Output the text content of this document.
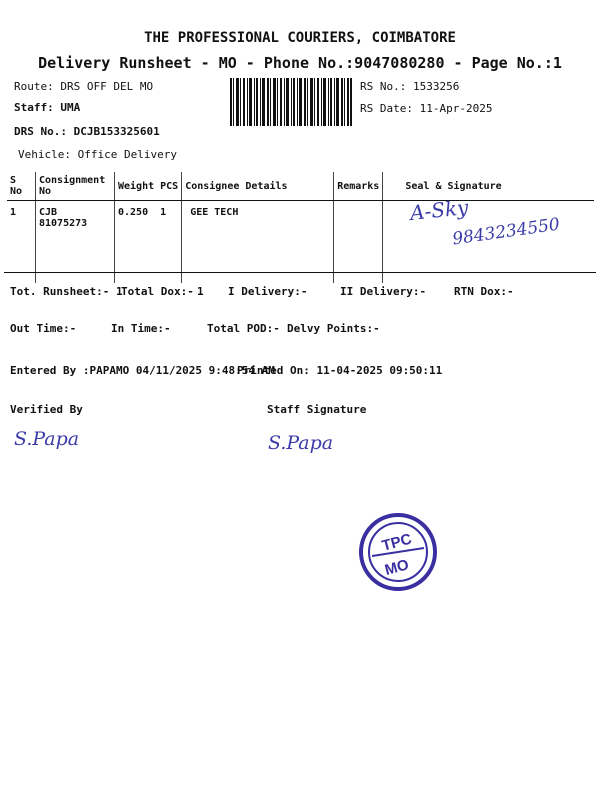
THE PROFESSIONAL COURIERS, COIMBATORE
Delivery Runsheet - MO - Phone No.:9047080280 - Page No.:1
Route: DRS OFF DEL MO
Staff: UMA
DRS No.: DCJB153325601
Vehicle: Office Delivery
RS No.: 1533256
RS Date: 11-Apr-2025
S No	Consignment No	Weight	PCS	Consignee Details	Remarks	Seal & Signature
1	CJB 81075273	0.250	1	GEE TECH			A-Sky
9843234550
Tot. Runsheet:- 1
Total Dox:- 1 I Delivery:-	II Delivery:-	RTN Dox:-
Out Time:-	In Time:-	Total POD:- Delvy Points:-
Entered By :PAPAMO 04/11/2025 9:48:54 AM
Printed On: 11-04-2025 09:50:11
Verified By	Staff Signature
S.Papa	S.Papa
TPC
MO
